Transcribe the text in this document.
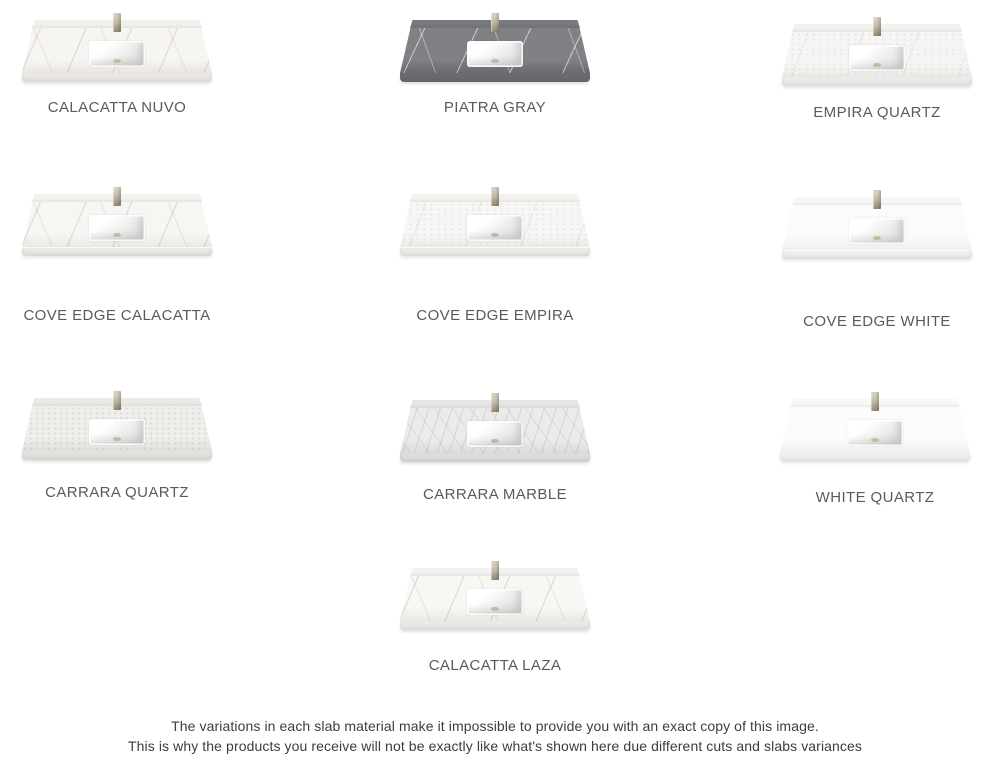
CALACATTA NUVO	PIATRA GRAY	EMPIRA QUARTZ
COVE EDGE CALACATTA	COVE EDGE EMPIRA	COVE EDGE WHITE
CARRARA QUARTZ	CARRARA MARBLE	WHITE QUARTZ
CALACATTA LAZA
The variations in each slab material make it impossible to provide you with an exact copy of this image.
This is why the products you receive will not be exactly like what's shown here due different cuts and slabs variances
